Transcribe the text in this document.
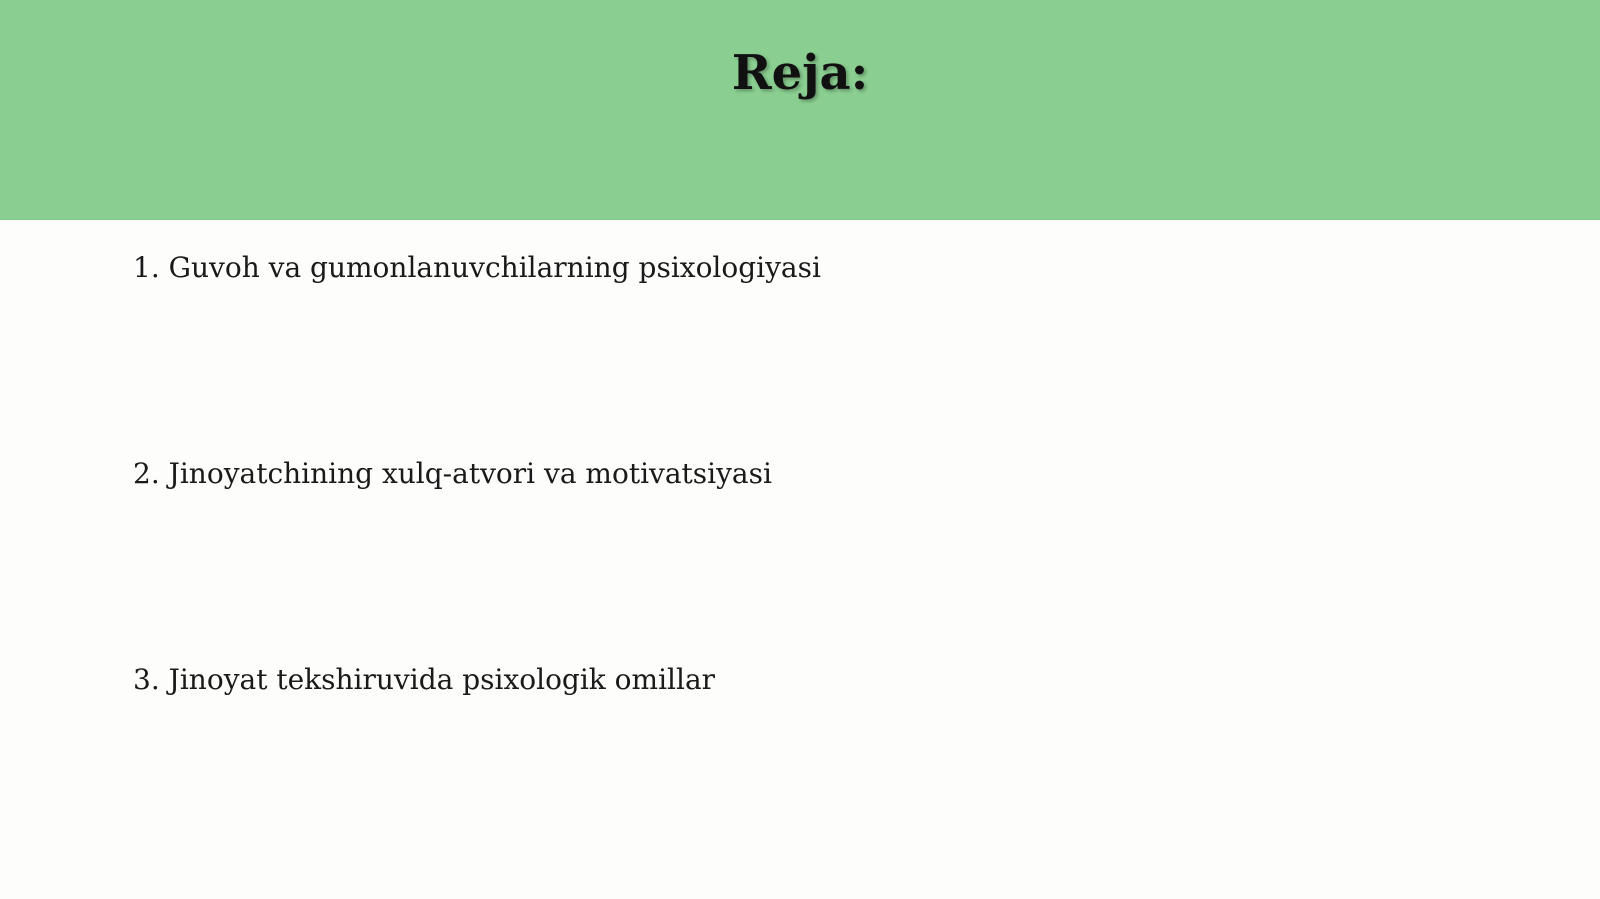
Reja:
1. Guvoh va gumonlanuvchilarning psixologiyasi
2. Jinoyatchining xulq-atvori va motivatsiyasi
3. Jinoyat tekshiruvida psixologik omillar
